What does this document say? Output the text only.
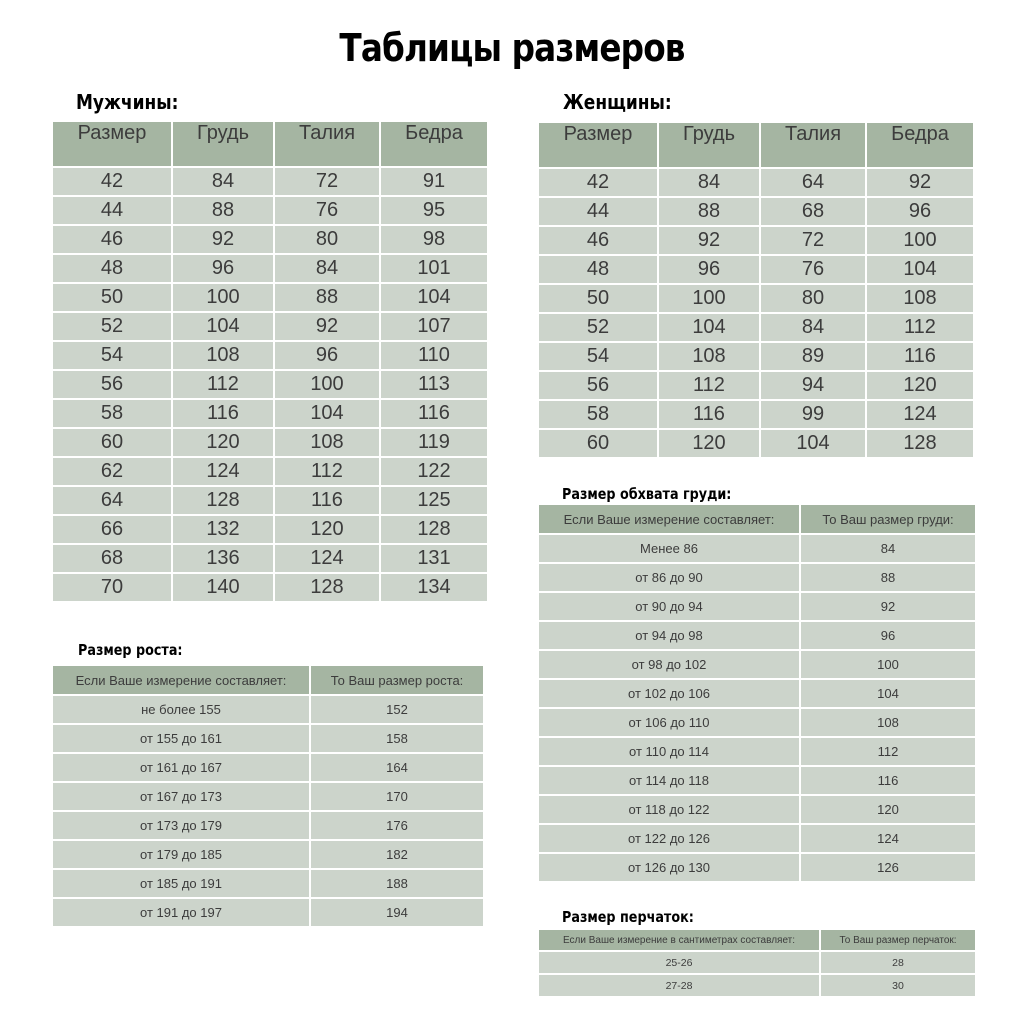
Таблицы размеров
Мужчины:	Женщины:
Размер	Грудь	Талия	Бедра
42	84	72	91
44	88	76	95
46	92	80	98
48	96	84	101
50	100	88	104
52	104	92	107
54	108	96	110
56	112	100	113
58	116	104	116
60	120	108	119
62	124	112	122
64	128	116	125
66	132	120	128
68	136	124	131
70	140	128	134
Размер	Грудь	Талия	Бедра
42	84	64	92
44	88	68	96
46	92	72	100
48	96	76	104
50	100	80	108
52	104	84	112
54	108	89	116
56	112	94	120
58	116	99	124
60	120	104	128
Размер роста:
Размер обхвата груди:
Размер перчаток:
Если Ваше измерение составляет:	То Ваш размер роста:
не более 155	152
от 155 до 161	158
от 161 до 167	164
от 167 до 173	170
от 173 до 179	176
от 179 до 185	182
от 185 до 191	188
от 191 до 197	194
Если Ваше измерение составляет:	То Ваш размер груди:
Менее 86	84
от 86 до 90	88
от 90 до 94	92
от 94 до 98	96
от 98 до 102	100
от 102 до 106	104
от 106 до 110	108
от 110 до 114	112
от 114 до 118	116
от 118 до 122	120
от 122 до 126	124
от 126 до 130	126
Если Ваше измерение в сантиметрах составляет:	То Ваш размер перчаток:
25-26	28
27-28	30
